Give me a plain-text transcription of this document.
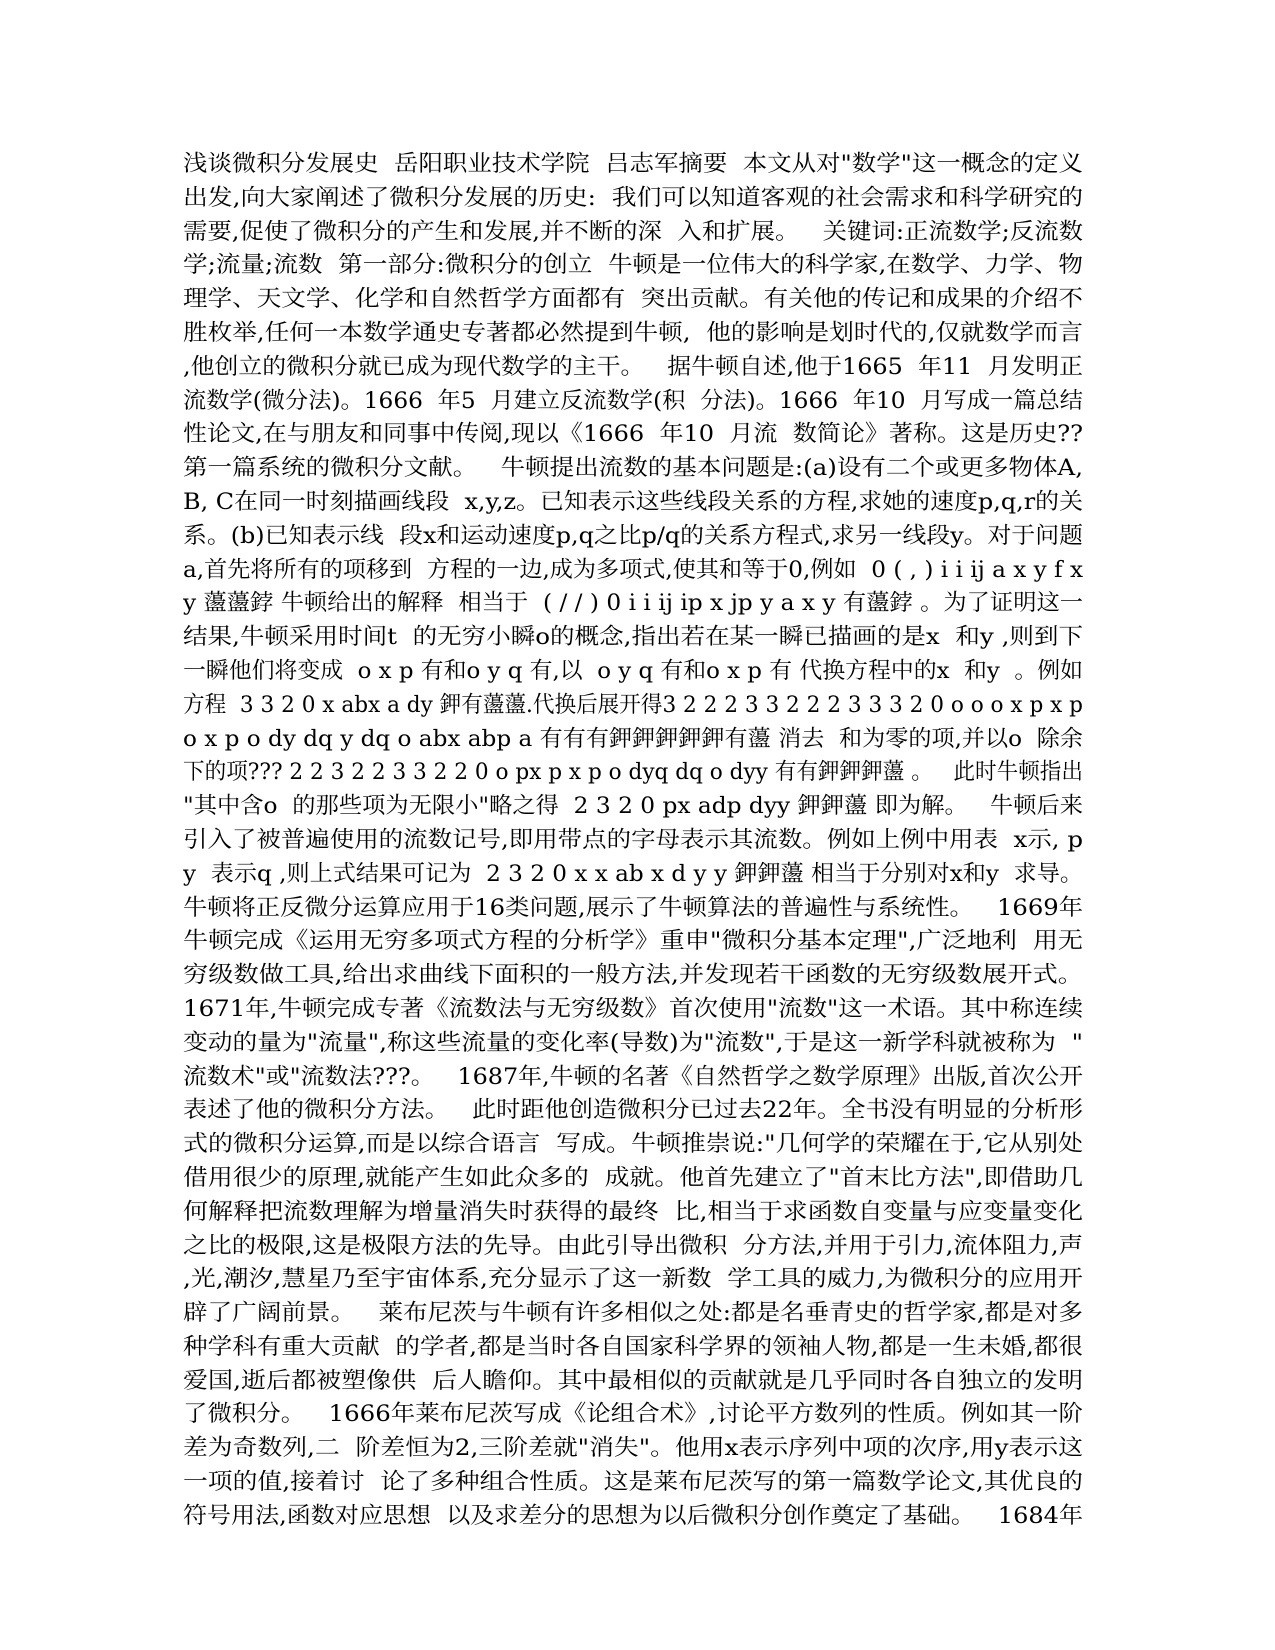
浅谈微积分发展史  岳阳职业技术学院  吕志军摘要  本文从对"数学"这一概念的定义
出发,向大家阐述了微积分发展的历史:  我们可以知道客观的社会需求和科学研究的
需要,促使了微积分的产生和发展,并不断的深  入和扩展。   关键词:正流数学;反流数
学;流量;流数  第一部分:微积分的创立  牛顿是一位伟大的科学家,在数学、力学、物
理学、天文学、化学和自然哲学方面都有  突出贡献。有关他的传记和成果的介绍不
胜枚举,任何一本数学通史专著都必然提到牛顿,  他的影响是划时代的,仅就数学而言
,他创立的微积分就已成为现代数学的主干。   据牛顿自述,他于1665  年11  月发明正
流数学(微分法)。1666  年5  月建立反流数学(积  分法)。1666  年10  月写成一篇总结
性论文,在与朋友和同事中传阅,现以《1666  年10  月流  数简论》著称。这是历史??
第一篇系统的微积分文献。   牛顿提出流数的基本问题是:(a)设有二个或更多物体A,
B, C在同一时刻描画线段  x,y,z。已知表示这些线段关系的方程,求她的速度p,q,r的关
系。(b)已知表示线  段x和运动速度p,q之比p/q的关系方程式,求另一线段y。对于问题
a,首先将所有的项移到  方程的一边,成为多项式,使其和等于0,例如  0 ( , ) i i ij a x y f x
y 蘯蘯鋍 牛顿给出的解释  相当于  ( / / ) 0 i i ij ip x jp y a x y 有蘯鋍 。为了证明这一
结果,牛顿采用时间t  的无穷小瞬o的概念,指出若在某一瞬已描画的是x  和y ,则到下
一瞬他们将变成  o x p 有和o y q 有,以  o y q 有和o x p 有 代换方程中的x  和y  。例如
方程  3 3 2 0 x abx a dy 鉀有蘯蘯.代换后展开得3 2 2 2 3 3 2 2 2 3 3 3 2 0 o o o x p x p
o x p o dy dq y dq o abx abp a 有有有鉀鉀鉀鉀鉀有蘯 消去  和为零的项,并以o  除余
下的项??? 2 2 3 2 2 3 3 2 2 0 o px p x p o dyq dq o dyy 有有鉀鉀鉀蘯 。   此时牛顿指出
"其中含o  的那些项为无限小"略之得  2 3 2 0 px adp dyy 鉀鉀蘯 即为解。   牛顿后来
引入了被普遍使用的流数记号,即用带点的字母表示其流数。例如上例中用表  x示, p
y  表示q ,则上式结果可记为  2 3 2 0 x x ab x d y y 鉀鉀蘯 相当于分别对x和y  求导。
牛顿将正反微分运算应用于16类问题,展示了牛顿算法的普遍性与系统性。   1669年
牛顿完成《运用无穷多项式方程的分析学》重申"微积分基本定理",广泛地利  用无
穷级数做工具,给出求曲线下面积的一般方法,并发现若干函数的无穷级数展开式。
1671年,牛顿完成专著《流数法与无穷级数》首次使用"流数"这一术语。其中称连续
变动的量为"流量",称这些流量的变化率(导数)为"流数",于是这一新学科就被称为  "
流数术"或"流数法???。   1687年,牛顿的名著《自然哲学之数学原理》出版,首次公开
表述了他的微积分方法。   此时距他创造微积分已过去22年。全书没有明显的分析形
式的微积分运算,而是以综合语言  写成。牛顿推崇说:"几何学的荣耀在于,它从别处
借用很少的原理,就能产生如此众多的  成就。他首先建立了"首末比方法",即借助几
何解释把流数理解为增量消失时获得的最终  比,相当于求函数自变量与应变量变化
之比的极限,这是极限方法的先导。由此引导出微积  分方法,并用于引力,流体阻力,声
,光,潮汐,慧星乃至宇宙体系,充分显示了这一新数  学工具的威力,为微积分的应用开
辟了广阔前景。   莱布尼茨与牛顿有许多相似之处:都是名垂青史的哲学家,都是对多
种学科有重大贡献  的学者,都是当时各自国家科学界的领袖人物,都是一生未婚,都很
爱国,逝后都被塑像供  后人瞻仰。其中最相似的贡献就是几乎同时各自独立的发明
了微积分。   1666年莱布尼茨写成《论组合术》,讨论平方数列的性质。例如其一阶
差为奇数列,二  阶差恒为2,三阶差就"消失"。他用x表示序列中项的次序,用y表示这
一项的值,接着讨  论了多种组合性质。这是莱布尼茨写的第一篇数学论文,其优良的
符号用法,函数对应思想  以及求差分的思想为以后微积分创作奠定了基础。   1684年
